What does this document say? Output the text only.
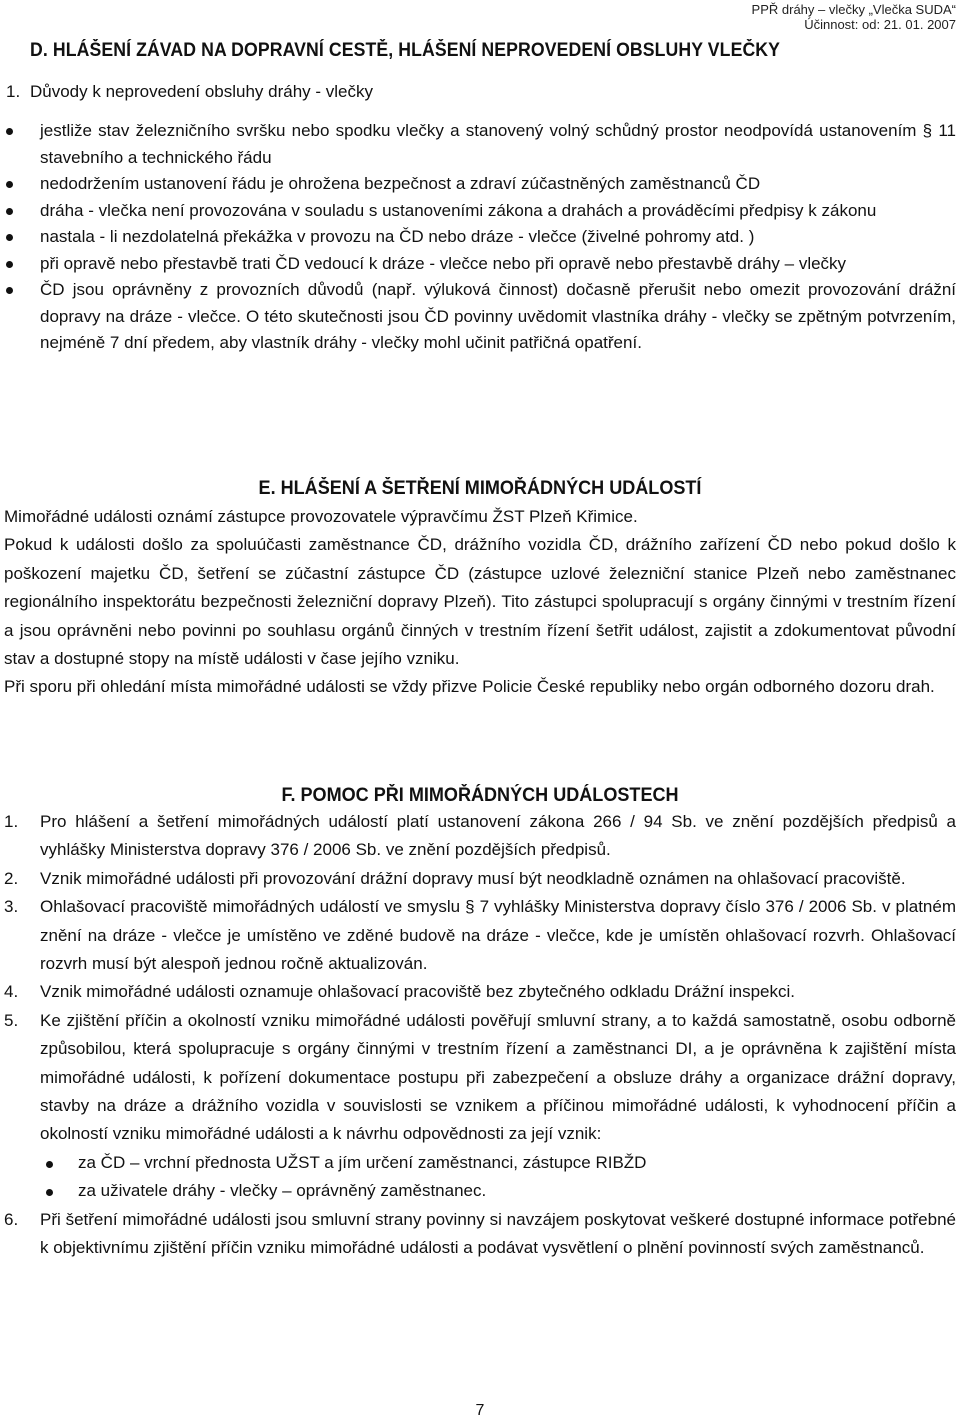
PPŘ dráhy – vlečky „Vlečka SUDA“
Účinnost: od: 21. 01. 2007
D. HLÁŠENÍ ZÁVAD NA DOPRAVNÍ CESTĚ, HLÁŠENÍ NEPROVEDENÍ OBSLUHY VLEČKY
1. Důvody k neprovedení obsluhy dráhy - vlečky
jestliže stav železničního svršku nebo spodku vlečky a stanovený volný schůdný prostor neodpovídá ustanovením § 11 stavebního a technického řádu
nedodržením ustanovení řádu je ohrožena bezpečnost a zdraví zúčastněných zaměstnanců ČD
dráha - vlečka není provozována v souladu s ustanoveními zákona a drahách a prováděcími předpisy k zákonu
nastala - li nezdolatelná překážka v provozu na ČD nebo dráze - vlečce (živelné pohromy atd. )
při opravě nebo přestavbě trati ČD vedoucí k dráze - vlečce nebo při opravě nebo přestavbě dráhy – vlečky
ČD jsou oprávněny z provozních důvodů (např. výluková činnost) dočasně přerušit nebo omezit provozování drážní dopravy na dráze - vlečce. O této skutečnosti jsou ČD povinny uvědomit vlastníka dráhy - vlečky se zpětným potvrzením, nejméně 7 dní předem, aby vlastník dráhy - vlečky mohl učinit patřičná opatření.
E. HLÁŠENÍ A ŠETŘENÍ MIMOŘÁDNÝCH UDÁLOSTÍ

Mimořádné události oznámí zástupce provozovatele výpravčímu ŽST Plzeň Křimice.

Pokud k události došlo za spoluúčasti zaměstnance ČD, drážního vozidla ČD, drážního zařízení ČD nebo pokud došlo k poškození majetku ČD, šetření se zúčastní zástupce ČD (zástupce uzlové železniční stanice Plzeň nebo zaměstnanec regionálního inspektorátu bezpečnosti železniční dopravy Plzeň). Tito zástupci spolupracují s orgány činnými v trestním řízení a jsou oprávněni nebo povinni po souhlasu orgánů činných v trestním řízení šetřit událost, zajistit a zdokumentovat původní stav a dostupné stopy na místě události v čase jejího vzniku.

Při sporu při ohledání místa mimořádné události se vždy přizve Policie České republiky nebo orgán odborného dozoru drah.

F. POMOC PŘI MIMOŘÁDNÝCH UDÁLOSTECH
1. Pro hlášení a šetření mimořádných událostí platí ustanovení zákona 266 / 94 Sb. ve znění pozdějších předpisů a vyhlášky Ministerstva dopravy 376 / 2006 Sb. ve znění pozdějších předpisů.
2. Vznik mimořádné události při provozování drážní dopravy musí být neodkladně oznámen na ohlašovací pracoviště.
3. Ohlašovací pracoviště mimořádných událostí ve smyslu § 7 vyhlášky Ministerstva dopravy číslo 376 / 2006 Sb. v platném znění na dráze - vlečce je umístěno ve zděné budově na dráze - vlečce, kde je umístěn ohlašovací rozvrh. Ohlašovací rozvrh musí být alespoň jednou ročně aktualizován.
4. Vznik mimořádné události oznamuje ohlašovací pracoviště bez zbytečného odkladu Drážní inspekci.
5. Ke zjištění příčin a okolností vzniku mimořádné události pověřují smluvní strany, a to každá samostatně, osobu odborně způsobilou, která spolupracuje s orgány činnými v trestním řízení a zaměstnanci DI, a je oprávněna k zajištění místa mimořádné události, k pořízení dokumentace postupu při zabezpečení a obsluze dráhy a organizace drážní dopravy, stavby na dráze a drážního vozidla v souvislosti se vznikem a příčinou mimořádné události, k vyhodnocení příčin a okolností vzniku mimořádné události a k návrhu odpovědnosti za její vznik:
za ČD – vrchní přednosta UŽST a jím určení zaměstnanci, zástupce RIBŽD
za uživatele dráhy - vlečky – oprávněný zaměstnanec.
6. Při šetření mimořádné události jsou smluvní strany povinny si navzájem poskytovat veškeré dostupné informace potřebné k objektivnímu zjištění příčin vzniku mimořádné události a podávat vysvětlení o plnění povinností svých zaměstnanců.
7
